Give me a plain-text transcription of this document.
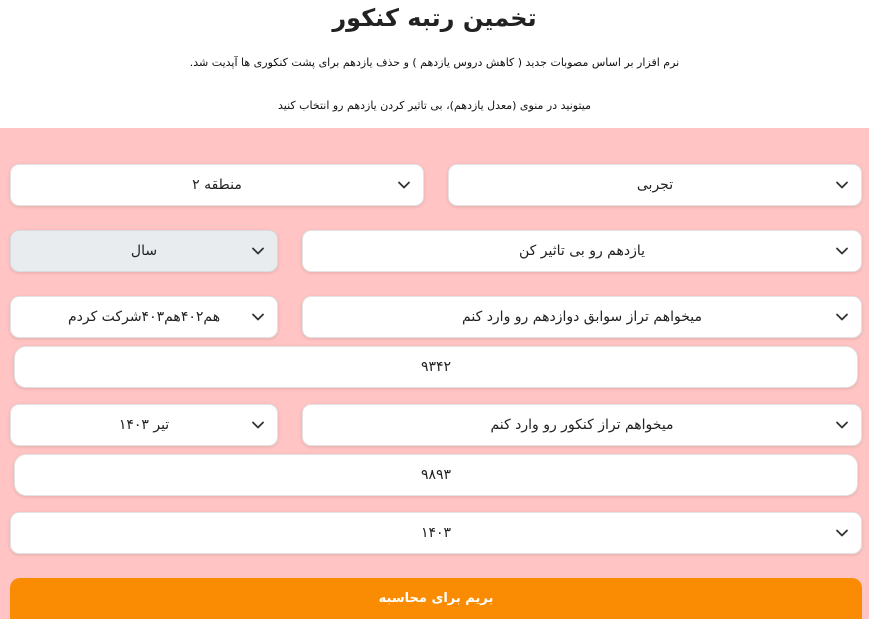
تخمین رتبه کنکور
نرم افزار بر اساس مصوبات جدید ( کاهش دروس یازدهم ) و حذف یازدهم برای پشت کنکوری ها آپدیت شد.
میتونید در منوی (معدل یازدهم)، بی تاثیر کردن یازدهم رو انتخاب کنید
تجربی
منطقه ۲
یازدهم رو بی تاثیر کن
سال
میخواهم تراز سوابق دوازدهم رو وارد کنم
هم۴۰۲هم۴۰۳شرکت کردم
۹۳۴۲
میخواهم تراز کنکور رو وارد کنم
تیر ۱۴۰۳
۹۸۹۳
۱۴۰۳
بریم برای محاسبه
